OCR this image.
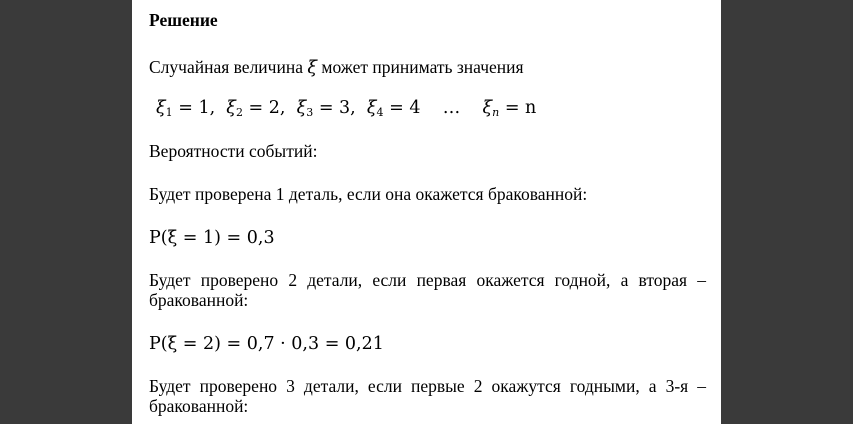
Решение
Случайная величина ξ может принимать значения
$\xi_1 = 1$, $\xi_2 = 2$, $\xi_3 = 3$, $\xi_4 = 4$ … $\xi_n = n$
Вероятности событий:
Будет проверена 1 деталь, если она окажется бракованной:
P(ξ = 1) = 0,3
Будет проверено 2 детали, если первая окажется годной, а вторая –
бракованной:
P(ξ = 2) = 0,7 · 0,3 = 0,21
Будет проверено 3 детали, если первые 2 окажутся годными, а 3-я –
бракованной:
